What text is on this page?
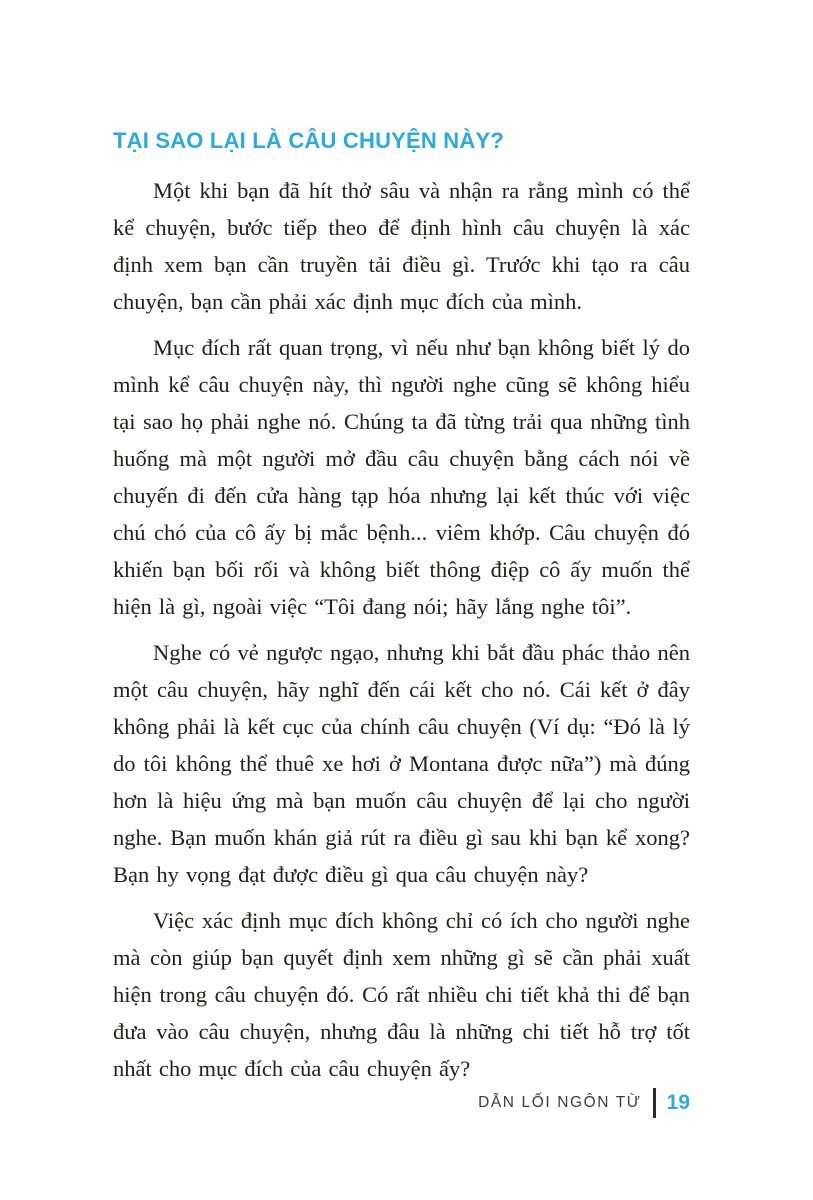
TẠI SAO LẠI LÀ CÂU CHUYỆN NÀY?

Một khi bạn đã hít thở sâu và nhận ra rằng mình có thể kể chuyện, bước tiếp theo để định hình câu chuyện là xác định xem bạn cần truyền tải điều gì. Trước khi tạo ra câu chuyện, bạn cần phải xác định mục đích của mình.

Mục đích rất quan trọng, vì nếu như bạn không biết lý do mình kể câu chuyện này, thì người nghe cũng sẽ không hiểu tại sao họ phải nghe nó. Chúng ta đã từng trải qua những tình huống mà một người mở đầu câu chuyện bằng cách nói về chuyến đi đến cửa hàng tạp hóa nhưng lại kết thúc với việc chú chó của cô ấy bị mắc bệnh... viêm khớp. Câu chuyện đó khiến bạn bối rối và không biết thông điệp cô ấy muốn thể hiện là gì, ngoài việc “Tôi đang nói; hãy lắng nghe tôi”.

Nghe có vẻ ngược ngạo, nhưng khi bắt đầu phác thảo nên một câu chuyện, hãy nghĩ đến cái kết cho nó. Cái kết ở đây không phải là kết cục của chính câu chuyện (Ví dụ: “Đó là lý do tôi không thể thuê xe hơi ở Montana được nữa”) mà đúng hơn là hiệu ứng mà bạn muốn câu chuyện để lại cho người nghe. Bạn muốn khán giả rút ra điều gì sau khi bạn kể xong? Bạn hy vọng đạt được điều gì qua câu chuyện này?

Việc xác định mục đích không chỉ có ích cho người nghe mà còn giúp bạn quyết định xem những gì sẽ cần phải xuất hiện trong câu chuyện đó. Có rất nhiều chi tiết khả thi để bạn đưa vào câu chuyện, nhưng đâu là những chi tiết hỗ trợ tốt nhất cho mục đích của câu chuyện ấy?

DẪN LỐI NGÔN TỪ 19
